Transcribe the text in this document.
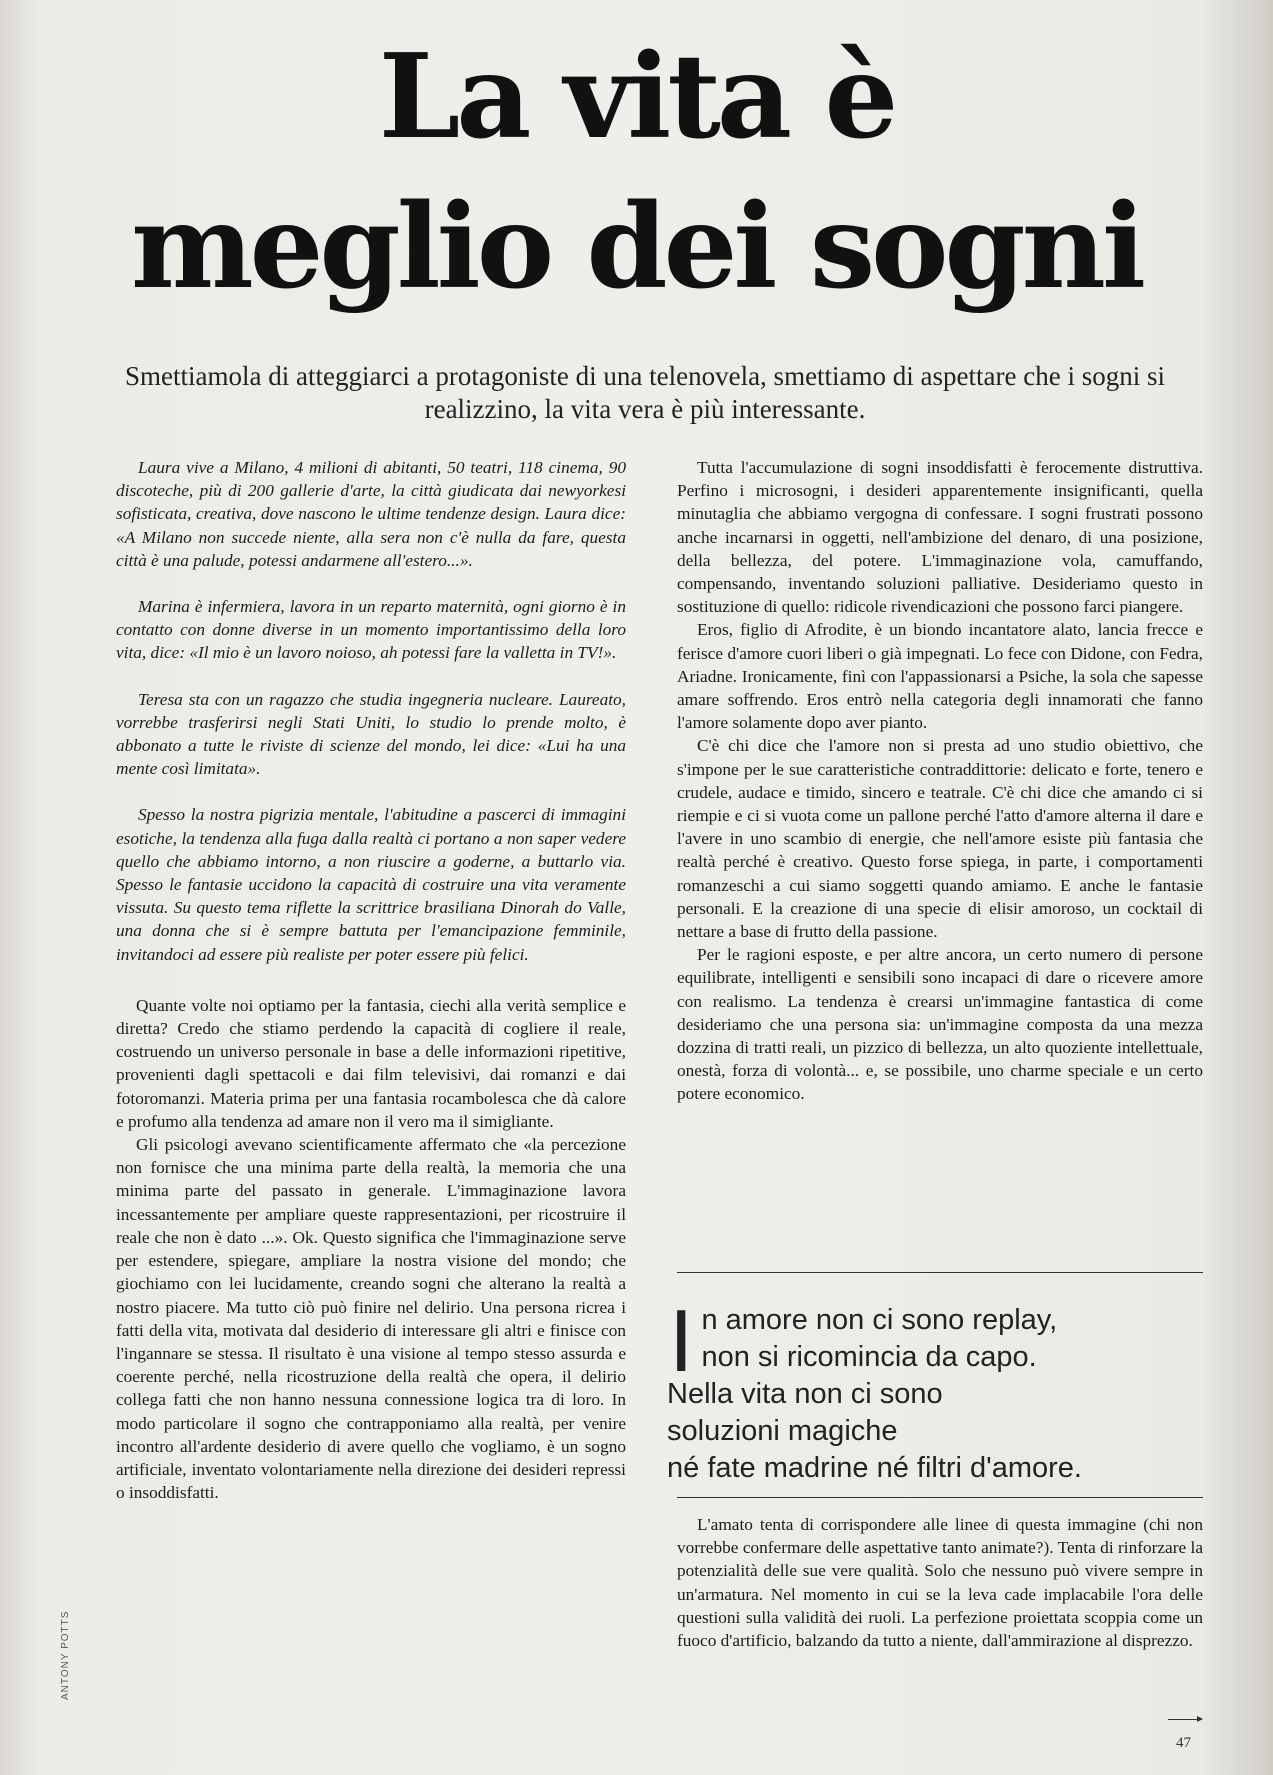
La vita è
meglio dei sogni

Smettiamola di atteggiarci a protagoniste di una telenovela, smettiamo di aspettare che i sogni si realizzino, la vita vera è più interessante.

Laura vive a Milano, 4 milioni di abitanti, 50 teatri, 118 cinema, 90 discoteche, più di 200 gallerie d'arte, la città giudicata dai newyorkesi sofisticata, creativa, dove nascono le ultime tendenze design. Laura dice: «A Milano non succede niente, alla sera non c'è nulla da fare, questa città è una palude, potessi andarmene all'estero...».

Marina è infermiera, lavora in un reparto maternità, ogni giorno è in contatto con donne diverse in un momento importantissimo della loro vita, dice: «Il mio è un lavoro noioso, ah potessi fare la valletta in TV!».

Teresa sta con un ragazzo che studia ingegneria nucleare. Laureato, vorrebbe trasferirsi negli Stati Uniti, lo studio lo prende molto, è abbonato a tutte le riviste di scienze del mondo, lei dice: «Lui ha una mente così limitata».

Spesso la nostra pigrizia mentale, l'abitudine a pascerci di immagini esotiche, la tendenza alla fuga dalla realtà ci portano a non saper vedere quello che abbiamo intorno, a non riuscire a goderne, a buttarlo via. Spesso le fantasie uccidono la capacità di costruire una vita veramente vissuta. Su questo tema riflette la scrittrice brasiliana Dinorah do Valle, una donna che si è sempre battuta per l'emancipazione femminile, invitandoci ad essere più realiste per poter essere più felici.

Quante volte noi optiamo per la fantasia, ciechi alla verità semplice e diretta? Credo che stiamo perdendo la capacità di cogliere il reale, costruendo un universo personale in base a delle informazioni ripetitive, provenienti dagli spettacoli e dai film televisivi, dai romanzi e dai fotoromanzi. Materia prima per una fantasia rocambolesca che dà calore e profumo alla tendenza ad amare non il vero ma il simigliante.

Gli psicologi avevano scientificamente affermato che «la percezione non fornisce che una minima parte della realtà, la memoria che una minima parte del passato in generale. L'immaginazione lavora incessantemente per ampliare queste rappresentazioni, per ricostruire il reale che non è dato ...». Ok. Questo significa che l'immaginazione serve per estendere, spiegare, ampliare la nostra visione del mondo; che giochiamo con lei lucidamente, creando sogni che alterano la realtà a nostro piacere. Ma tutto ciò può finire nel delirio. Una persona ricrea i fatti della vita, motivata dal desiderio di interessare gli altri e finisce con l'ingannare se stessa. Il risultato è una visione al tempo stesso assurda e coerente perché, nella ricostruzione della realtà che opera, il delirio collega fatti che non hanno nessuna connessione logica tra di loro. In modo particolare il sogno che contrapponiamo alla realtà, per venire incontro all'ardente desiderio di avere quello che vogliamo, è un sogno artificiale, inventato volontariamente nella direzione dei desideri repressi o insoddisfatti.

Tutta l'accumulazione di sogni insoddisfatti è ferocemente distruttiva. Perfino i microsogni, i desideri apparentemente insignificanti, quella minutaglia che abbiamo vergogna di confessare. I sogni frustrati possono anche incarnarsi in oggetti, nell'ambizione del denaro, di una posizione, della bellezza, del potere. L'immaginazione vola, camuffando, compensando, inventando soluzioni palliative. Desideriamo questo in sostituzione di quello: ridicole rivendicazioni che possono farci piangere.

Eros, figlio di Afrodite, è un biondo incantatore alato, lancia frecce e ferisce d'amore cuori liberi o già impegnati. Lo fece con Didone, con Fedra, Ariadne. Ironicamente, finì con l'appassionarsi a Psiche, la sola che sapesse amare soffrendo. Eros entrò nella categoria degli innamorati che fanno l'amore solamente dopo aver pianto.

C'è chi dice che l'amore non si presta ad uno studio obiettivo, che s'impone per le sue caratteristiche contraddittorie: delicato e forte, tenero e crudele, audace e timido, sincero e teatrale. C'è chi dice che amando ci si riempie e ci si vuota come un pallone perché l'atto d'amore alterna il dare e l'avere in uno scambio di energie, che nell'amore esiste più fantasia che realtà perché è creativo. Questo forse spiega, in parte, i comportamenti romanzeschi a cui siamo soggetti quando amiamo. E anche le fantasie personali. E la creazione di una specie di elisir amoroso, un cocktail di nettare a base di frutto della passione.

Per le ragioni esposte, e per altre ancora, un certo numero di persone equilibrate, intelligenti e sensibili sono incapaci di dare o ricevere amore con realismo. La tendenza è crearsi un'immagine fantastica di come desideriamo che una persona sia: un'immagine composta da una mezza dozzina di tratti reali, un pizzico di bellezza, un alto quoziente intellettuale, onestà, forza di volontà... e, se possibile, uno charme speciale e un certo potere economico.

I n amore non ci sono replay,

non si ricomincia da capo.

Nella vita non ci sono

soluzioni magiche

né fate madrine né filtri d'amore.

L'amato tenta di corrispondere alle linee di questa immagine (chi non vorrebbe confermare delle aspettative tanto animate?). Tenta di rinforzare la potenzialità delle sue vere qualità. Solo che nessuno può vivere sempre in un'armatura. Nel momento in cui se la leva cade implacabile l'ora delle questioni sulla validità dei ruoli. La perfezione proiettata scoppia come un fuoco d'artificio, balzando da tutto a niente, dall'ammirazione al disprezzo.

47
ANTONY POTTS
